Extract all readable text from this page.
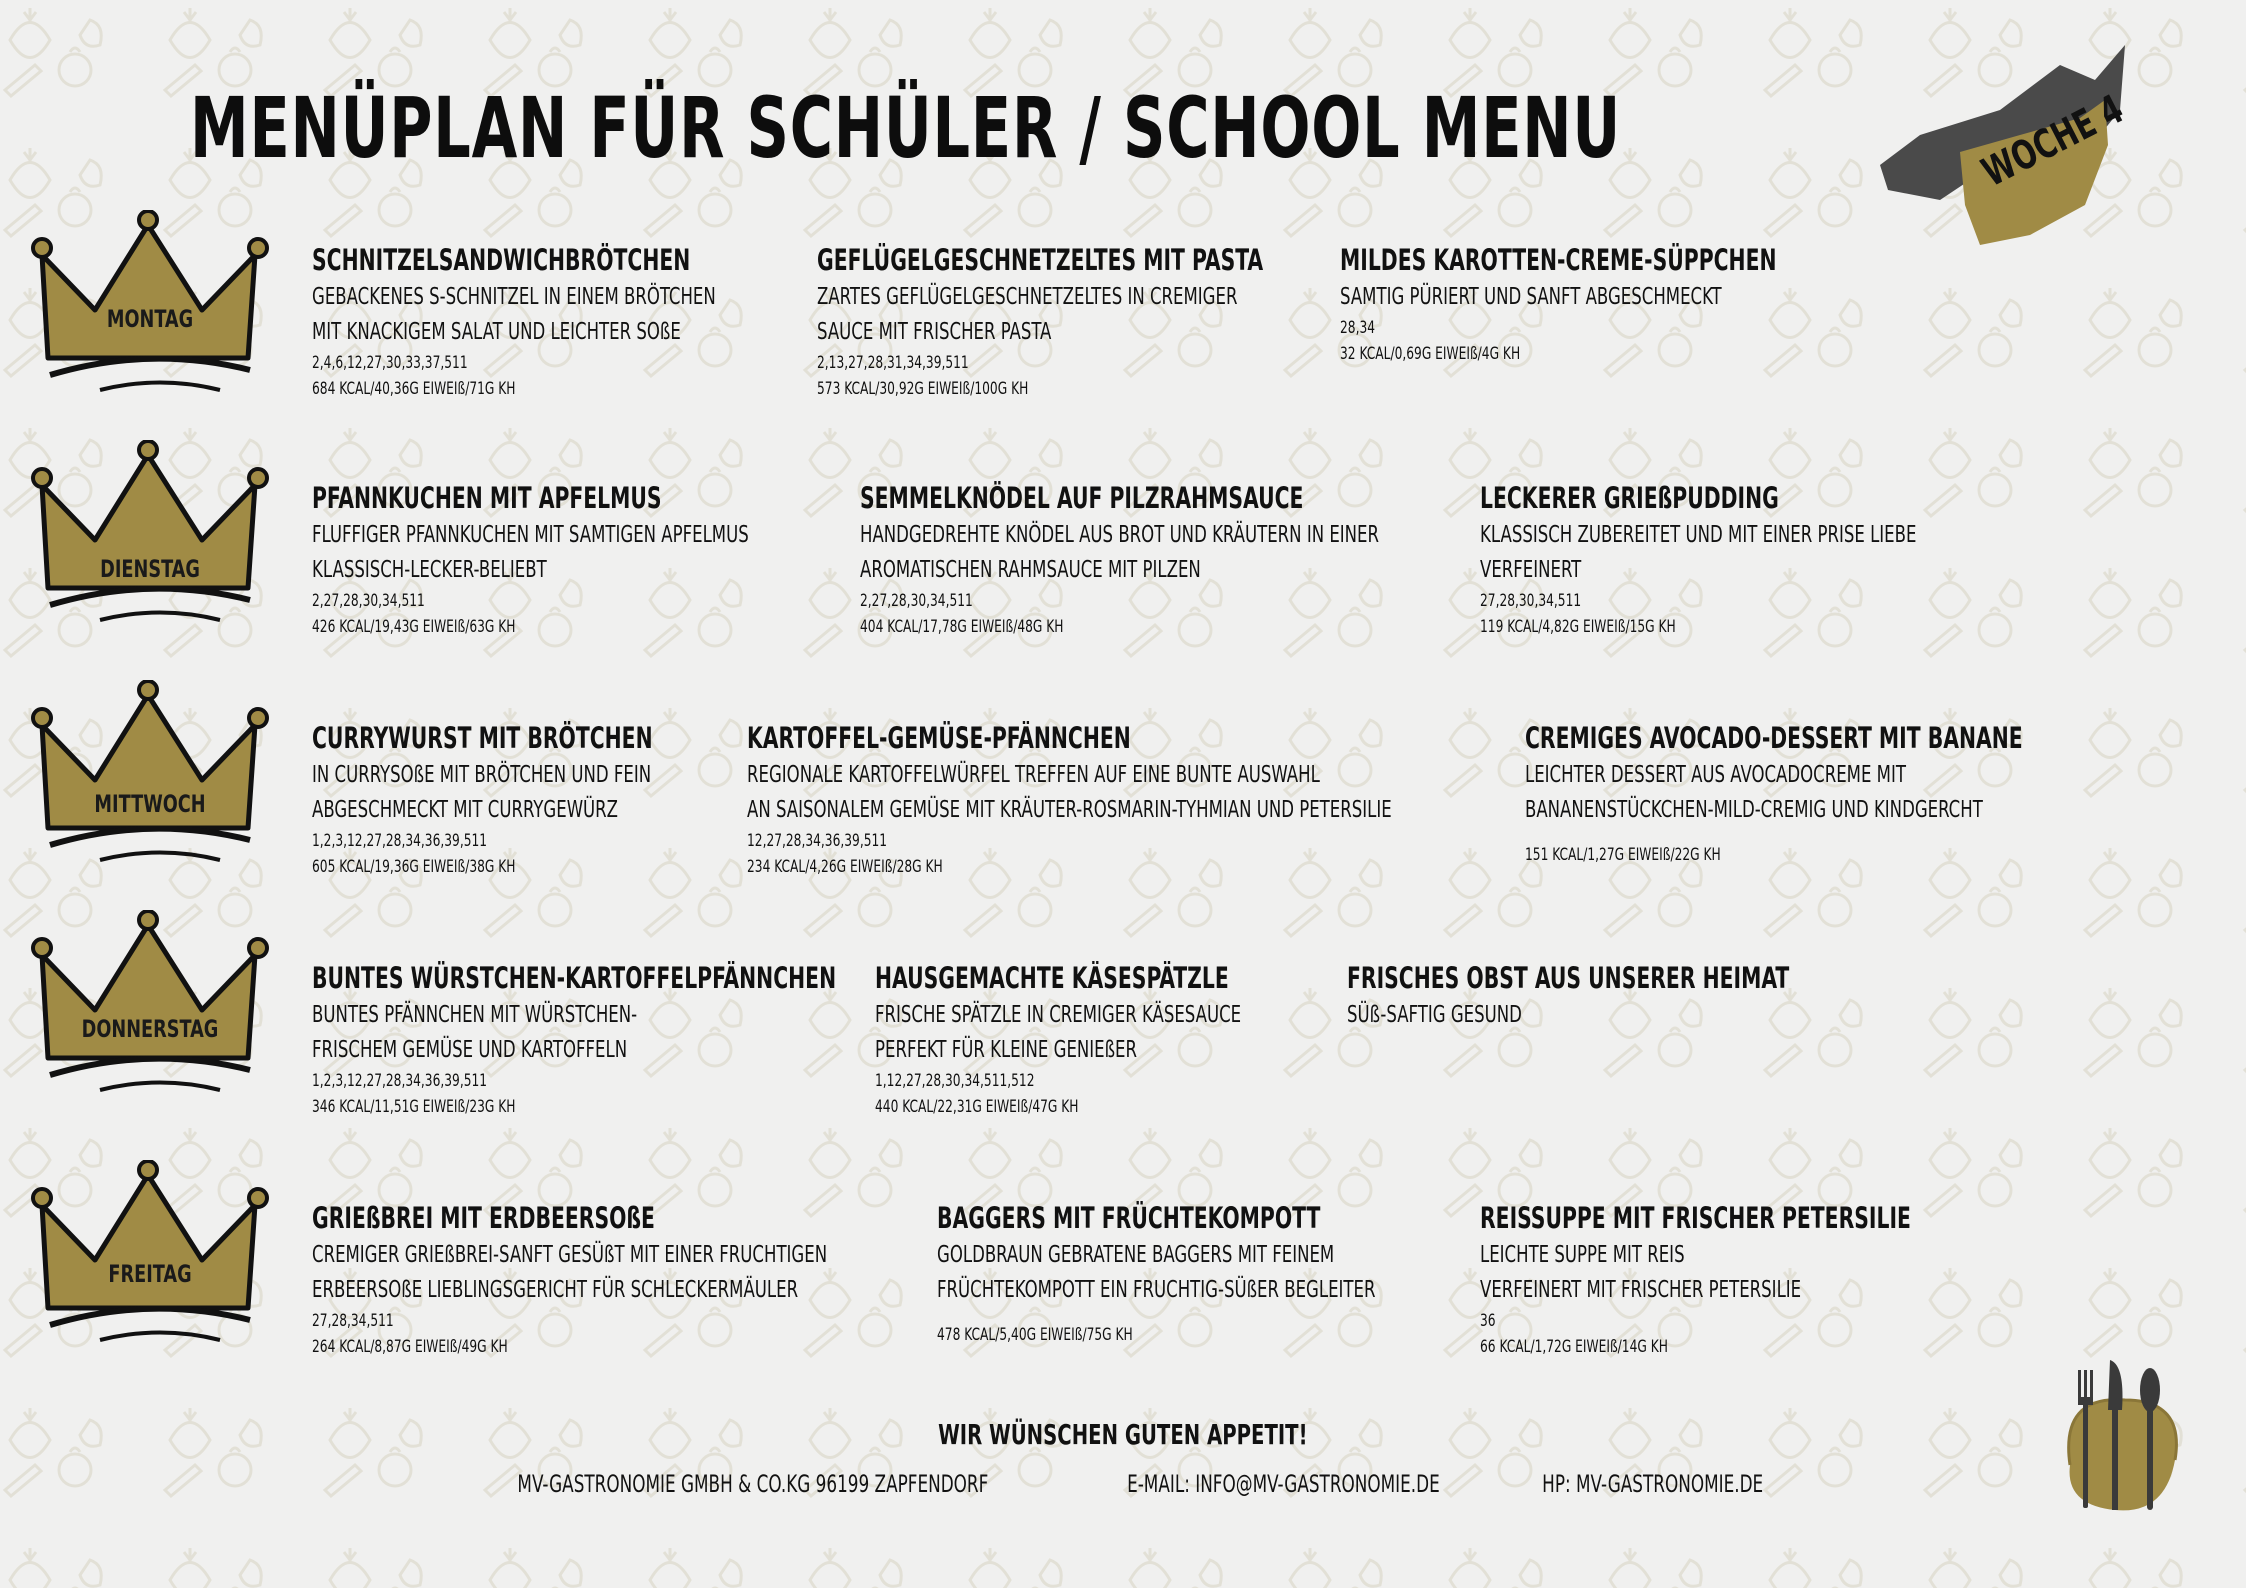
MENÜPLAN FÜR SCHÜLER / SCHOOL MENU	WOCHE 4
MONTAG
SCHNITZELSANDWICHBRÖTCHEN
GEBACKENES S-SCHNITZEL IN EINEM BRÖTCHEN
MIT KNACKIGEM SALAT UND LEICHTER SOßE
2,4,6,12,27,30,33,37,511
684 KCAL/40,36G EIWEIß/71G KH
GEFLÜGELGESCHNETZELTES MIT PASTA
ZARTES GEFLÜGELGESCHNETZELTES IN CREMIGER
SAUCE MIT FRISCHER PASTA
2,13,27,28,31,34,39,511
573 KCAL/30,92G EIWEIß/100G KH
MILDES KAROTTEN-CREME-SÜPPCHEN
SAMTIG PÜRIERT UND SANFT ABGESCHMECKT
28,34
32 KCAL/0,69G EIWEIß/4G KH
DIENSTAG
PFANNKUCHEN MIT APFELMUS
FLUFFIGER PFANNKUCHEN MIT SAMTIGEN APFELMUS
KLASSISCH-LECKER-BELIEBT
2,27,28,30,34,511
426 KCAL/19,43G EIWEIß/63G KH
SEMMELKNÖDEL AUF PILZRAHMSAUCE
HANDGEDREHTE KNÖDEL AUS BROT UND KRÄUTERN IN EINER
AROMATISCHEN RAHMSAUCE MIT PILZEN
2,27,28,30,34,511
404 KCAL/17,78G EIWEIß/48G KH
LECKERER GRIEßPUDDING
KLASSISCH ZUBEREITET UND MIT EINER PRISE LIEBE
VERFEINERT
27,28,30,34,511
119 KCAL/4,82G EIWEIß/15G KH
MITTWOCH
CURRYWURST MIT BRÖTCHEN
IN CURRYSOßE MIT BRÖTCHEN UND FEIN
ABGESCHMECKT MIT CURRYGEWÜRZ
1,2,3,12,27,28,34,36,39,511
605 KCAL/19,36G EIWEIß/38G KH
KARTOFFEL-GEMÜSE-PFÄNNCHEN
REGIONALE KARTOFFELWÜRFEL TREFFEN AUF EINE BUNTE AUSWAHL
AN SAISONALEM GEMÜSE MIT KRÄUTER-ROSMARIN-TYHMIAN UND PETERSILIE
12,27,28,34,36,39,511
234 KCAL/4,26G EIWEIß/28G KH
CREMIGES AVOCADO-DESSERT MIT BANANE
LEICHTER DESSERT AUS AVOCADOCREME MIT
BANANENSTÜCKCHEN-MILD-CREMIG UND KINDGERCHT
151 KCAL/1,27G EIWEIß/22G KH
DONNERSTAG
BUNTES WÜRSTCHEN-KARTOFFELPFÄNNCHEN
BUNTES PFÄNNCHEN MIT WÜRSTCHEN-
FRISCHEM GEMÜSE UND KARTOFFELN
1,2,3,12,27,28,34,36,39,511
346 KCAL/11,51G EIWEIß/23G KH
HAUSGEMACHTE KÄSESPÄTZLE
FRISCHE SPÄTZLE IN CREMIGER KÄSESAUCE
PERFEKT FÜR KLEINE GENIEßER
1,12,27,28,30,34,511,512
440 KCAL/22,31G EIWEIß/47G KH
FRISCHES OBST AUS UNSERER HEIMAT
SÜß-SAFTIG GESUND
FREITAG
GRIEßBREI MIT ERDBEERSOßE
CREMIGER GRIEßBREI-SANFT GESÜßT MIT EINER FRUCHTIGEN
ERBEERSOßE LIEBLINGSGERICHT FÜR SCHLECKERMÄULER
27,28,34,511
264 KCAL/8,87G EIWEIß/49G KH
BAGGERS MIT FRÜCHTEKOMPOTT
GOLDBRAUN GEBRATENE BAGGERS MIT FEINEM
FRÜCHTEKOMPOTT EIN FRUCHTIG-SÜßER BEGLEITER
478 KCAL/5,40G EIWEIß/75G KH
REISSUPPE MIT FRISCHER PETERSILIE
LEICHTE SUPPE MIT REIS
VERFEINERT MIT FRISCHER PETERSILIE
36
66 KCAL/1,72G EIWEIß/14G KH
WIR WÜNSCHEN GUTEN APPETIT!
MV-GASTRONOMIE GMBH & CO.KG 96199 ZAPFENDORF	E-MAIL: INFO@MV-GASTRONOMIE.DE	HP: MV-GASTRONOMIE.DE
